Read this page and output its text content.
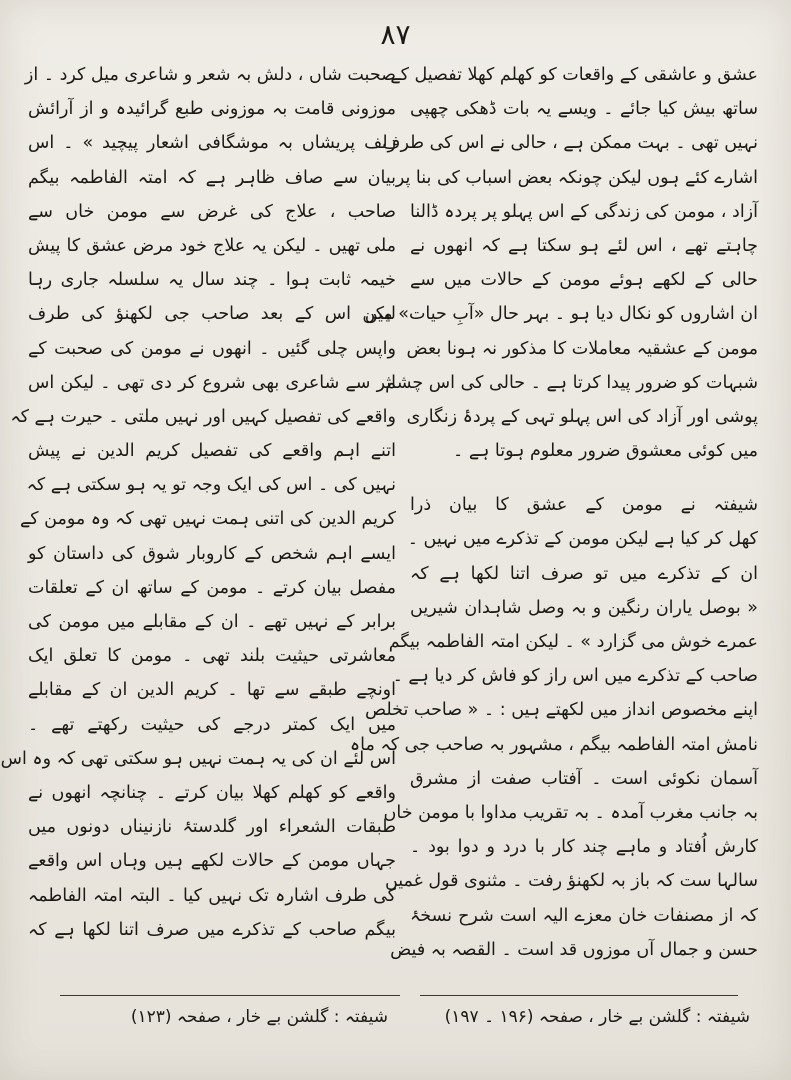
۸۷
عشق و عاشقی کے واقعات کو کھلم کھلا تفصیل کے
ساتھ بیش کیا جائے ۔ ویسے یہ بات ڈھکی چھپی
نہیں تھی ۔ بہت ممکن ہے ، حالی نے اس کی طرف
اشارے کئے ہوں لیکن چونکہ بعض اسباب کی بنا پر
آزاد ، مومن کی زندگی کے اس پہلو پر پردہ ڈالنا
چاہتے تھے ، اس لئے ہو سکتا ہے کہ انھوں نے
حالی کے لکھے ہوئے مومن کے حالات میں سے
ان اشاروں کو نکال دیا ہو ۔ بہر حال «آبِ حیات» میں
مومن کے عشقیہ معاملات کا مذکور نہ ہونا بعض
شبہات کو ضرور پیدا کرتا ہے ۔ حالی کی اس چشم
پوشی اور آزاد کی اس پہلو تہی کے پردۂ زنگاری
میں کوئی معشوق ضرور معلوم ہوتا ہے ۔
شیفتہ نے مومن کے عشق کا بیان ذرا
کھل کر کیا ہے لیکن مومن کے تذکرے میں نہیں ۔
ان کے تذکرے میں تو صرف اتنا لکھا ہے کہ
« بوصل یاران رنگین و بہ وصل شاہدان شیریں
عمرے خوش می گزارد » ۔ لیکن امتہ الفاطمہ بیگم
صاحب کے تذکرے میں اس راز کو فاش کر دیا ہے ۔
اپنے مخصوص انداز میں لکھتے ہیں : ۔ « صاحب تخلص
نامش امتہ الفاطمہ بیگم ، مشہور بہ صاحب جی کہ ماہ
آسمان نکوئی است ۔ آفتاب صفت از مشرق
بہ جانب مغرب آمدہ ۔ بہ تقریب مداوا با مومن خاں
کارش اُفتاد و ماہے چند کار با درد و دوا بود ۔
سالہا ست کہ باز بہ لکھنؤ رفت ۔ مثنوی قول غمیں
کہ از مصنفات خان معزے الیہ است شرح نسخۂ
حسن و جمال آں موزوں قد است ۔ القصہ بہ فیض
صحبت شاں ، دلش بہ شعر و شاعری میل کرد ۔ از
موزونی قامت بہ موزونی طبع گرائیدہ و از آرائش
زلف پریشاں بہ موشگافی اشعار پیچید » ۔ اس
بیان سے صاف ظاہر ہے کہ امتہ الفاطمہ بیگم
صاحب ، علاج کی غرض سے مومن خاں سے
ملی تھیں ۔ لیکن یہ علاج خود مرض عشق کا پیش
خیمہ ثابت ہوا ۔ چند سال یہ سلسلہ جاری رہا
لیکن اس کے بعد صاحب جی لکھنؤ کی طرف
واپس چلی گئیں ۔ انھوں نے مومن کی صحبت کے
اثر سے شاعری بھی شروع کر دی تھی ۔ لیکن اس
واقعے کی تفصیل کہیں اور نہیں ملتی ۔ حیرت ہے کہ
اتنے اہم واقعے کی تفصیل کریم الدین نے پیش
نہیں کی ۔ اس کی ایک وجہ تو یہ ہو سکتی ہے کہ
کریم الدین کی اتنی ہمت نہیں تھی کہ وہ مومن کے
ایسے اہم شخص کے کاروبار شوق کی داستان کو
مفصل بیان کرتے ۔ مومن کے ساتھ ان کے تعلقات
برابر کے نہیں تھے ۔ ان کے مقابلے میں مومن کی
معاشرتی حیثیت بلند تھی ۔ مومن کا تعلق ایک
اونچے طبقے سے تھا ۔ کریم الدین ان کے مقابلے
میں ایک کمتر درجے کی حیثیت رکھتے تھے ۔
اس لئے ان کی یہ ہمت نہیں ہو سکتی تھی کہ وہ اس
واقعے کو کھلم کھلا بیان کرتے ۔ چنانچہ انھوں نے
طبقات الشعراء اور گلدستۂ نازنیناں دونوں میں
جہاں مومن کے حالات لکھے ہیں وہاں اس واقعے
کی طرف اشارہ تک نہیں کیا ۔ البتہ امتہ الفاطمہ
بیگم صاحب کے تذکرے میں صرف اتنا لکھا ہے کہ
شیفتہ : گلشن بے خار ، صفحہ (۱۹۶ ۔ ۱۹۷)
شیفتہ : گلشن بے خار ، صفحہ (۱۲۳)
